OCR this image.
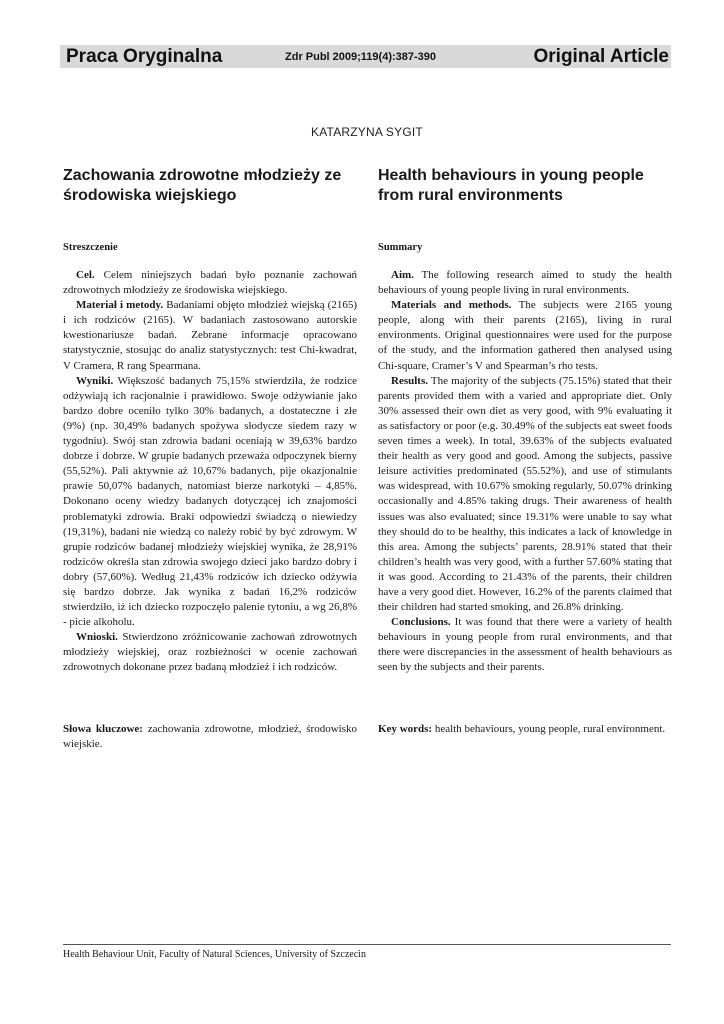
Praca Oryginalna	Zdr Publ 2009;119(4):387-390	Original Article
KATARZYNA SYGIT
Zachowania zdrowotne młodzieży ze środowiska wiejskiego
Health behaviours in young people from rural environments
Streszczenie	Summary

Cel. Celem niniejszych badań było poznanie zachowań zdrowotnych młodzieży ze środowiska wiejskiego.

Materiał i metody. Badaniami objęto młodzież wiejską (2165) i ich rodziców (2165). W badaniach zastosowano autorskie kwestionariusze badań. Zebrane informacje opracowano statystycznie, stosując do analiz statystycznych: test Chi-kwadrat, V Cramera, R rang Spearmana.

Wyniki. Większość badanych 75,15% stwierdziła, że rodzice odżywiają ich racjonalnie i prawidłowo. Swoje odżywianie jako bardzo dobre oceniło tylko 30% badanych, a dostateczne i złe (9%) (np. 30,49% badanych spożywa słodycze siedem razy w tygodniu). Swój stan zdrowia badani oceniają w 39,63% bardzo dobrze i dobrze. W grupie badanych przeważa odpoczynek bierny (55,52%). Pali aktywnie aż 10,67% badanych, pije okazjonalnie prawie 50,07% badanych, natomiast bierze narkotyki – 4,85%. Dokonano oceny wiedzy badanych dotyczącej ich znajomości problematyki zdrowia. Braki odpowiedzi świadczą o niewiedzy (19,31%), badani nie wiedzą co należy robić by być zdrowym. W grupie rodziców badanej młodzieży wiejskiej wynika, że 28,91% rodziców określa stan zdrowia swojego dzieci jako bardzo dobry i dobry (57,60%). Według 21,43% rodziców ich dziecko odżywia się bardzo dobrze. Jak wynika z badań 16,2% rodziców stwierdziło, iż ich dziecko rozpoczęło palenie tytoniu, a wg 26,8% - picie alkoholu.

Wnioski. Stwierdzono zróżnicowanie zachowań zdrowotnych młodzieży wiejskiej, oraz rozbieżności w ocenie zachowań zdrowotnych dokonane przez badaną młodzież i ich rodziców.

Aim. The following research aimed to study the health behaviours of young people living in rural environments.

Materials and methods. The subjects were 2165 young people, along with their parents (2165), living in rural environments. Original questionnaires were used for the purpose of the study, and the information gathered then analysed using Chi-square, Cramer’s V and Spearman’s rho tests.

Results. The majority of the subjects (75.15%) stated that their parents provided them with a varied and appropriate diet. Only 30% assessed their own diet as very good, with 9% evaluating it as satisfactory or poor (e.g. 30.49% of the subjects eat sweet foods seven times a week). In total, 39.63% of the subjects evaluated their health as very good and good. Among the subjects, passive leisure activities predominated (55.52%), and use of stimulants was widespread, with 10.67% smoking regularly, 50.07% drinking occasionally and 4.85% taking drugs. Their awareness of health issues was also evaluated; since 19.31% were unable to say what they should do to be healthy, this indicates a lack of knowledge in this area. Among the subjects’ parents, 28.91% stated that their children’s health was very good, with a further 57.60% stating that it was good. According to 21.43% of the parents, their children have a very good diet. However, 16.2% of the parents claimed that their children had started smoking, and 26.8% drinking.

Conclusions. It was found that there were a variety of health behaviours in young people from rural environments, and that there were discrepancies in the assessment of health behaviours as seen by the subjects and their parents.

Słowa kluczowe: zachowania zdrowotne, młodzież, środowisko wiejskie.
Key words: health behaviours, young people, rural environment.
Health Behaviour Unit, Faculty of Natural Sciences, University of Szczecin
